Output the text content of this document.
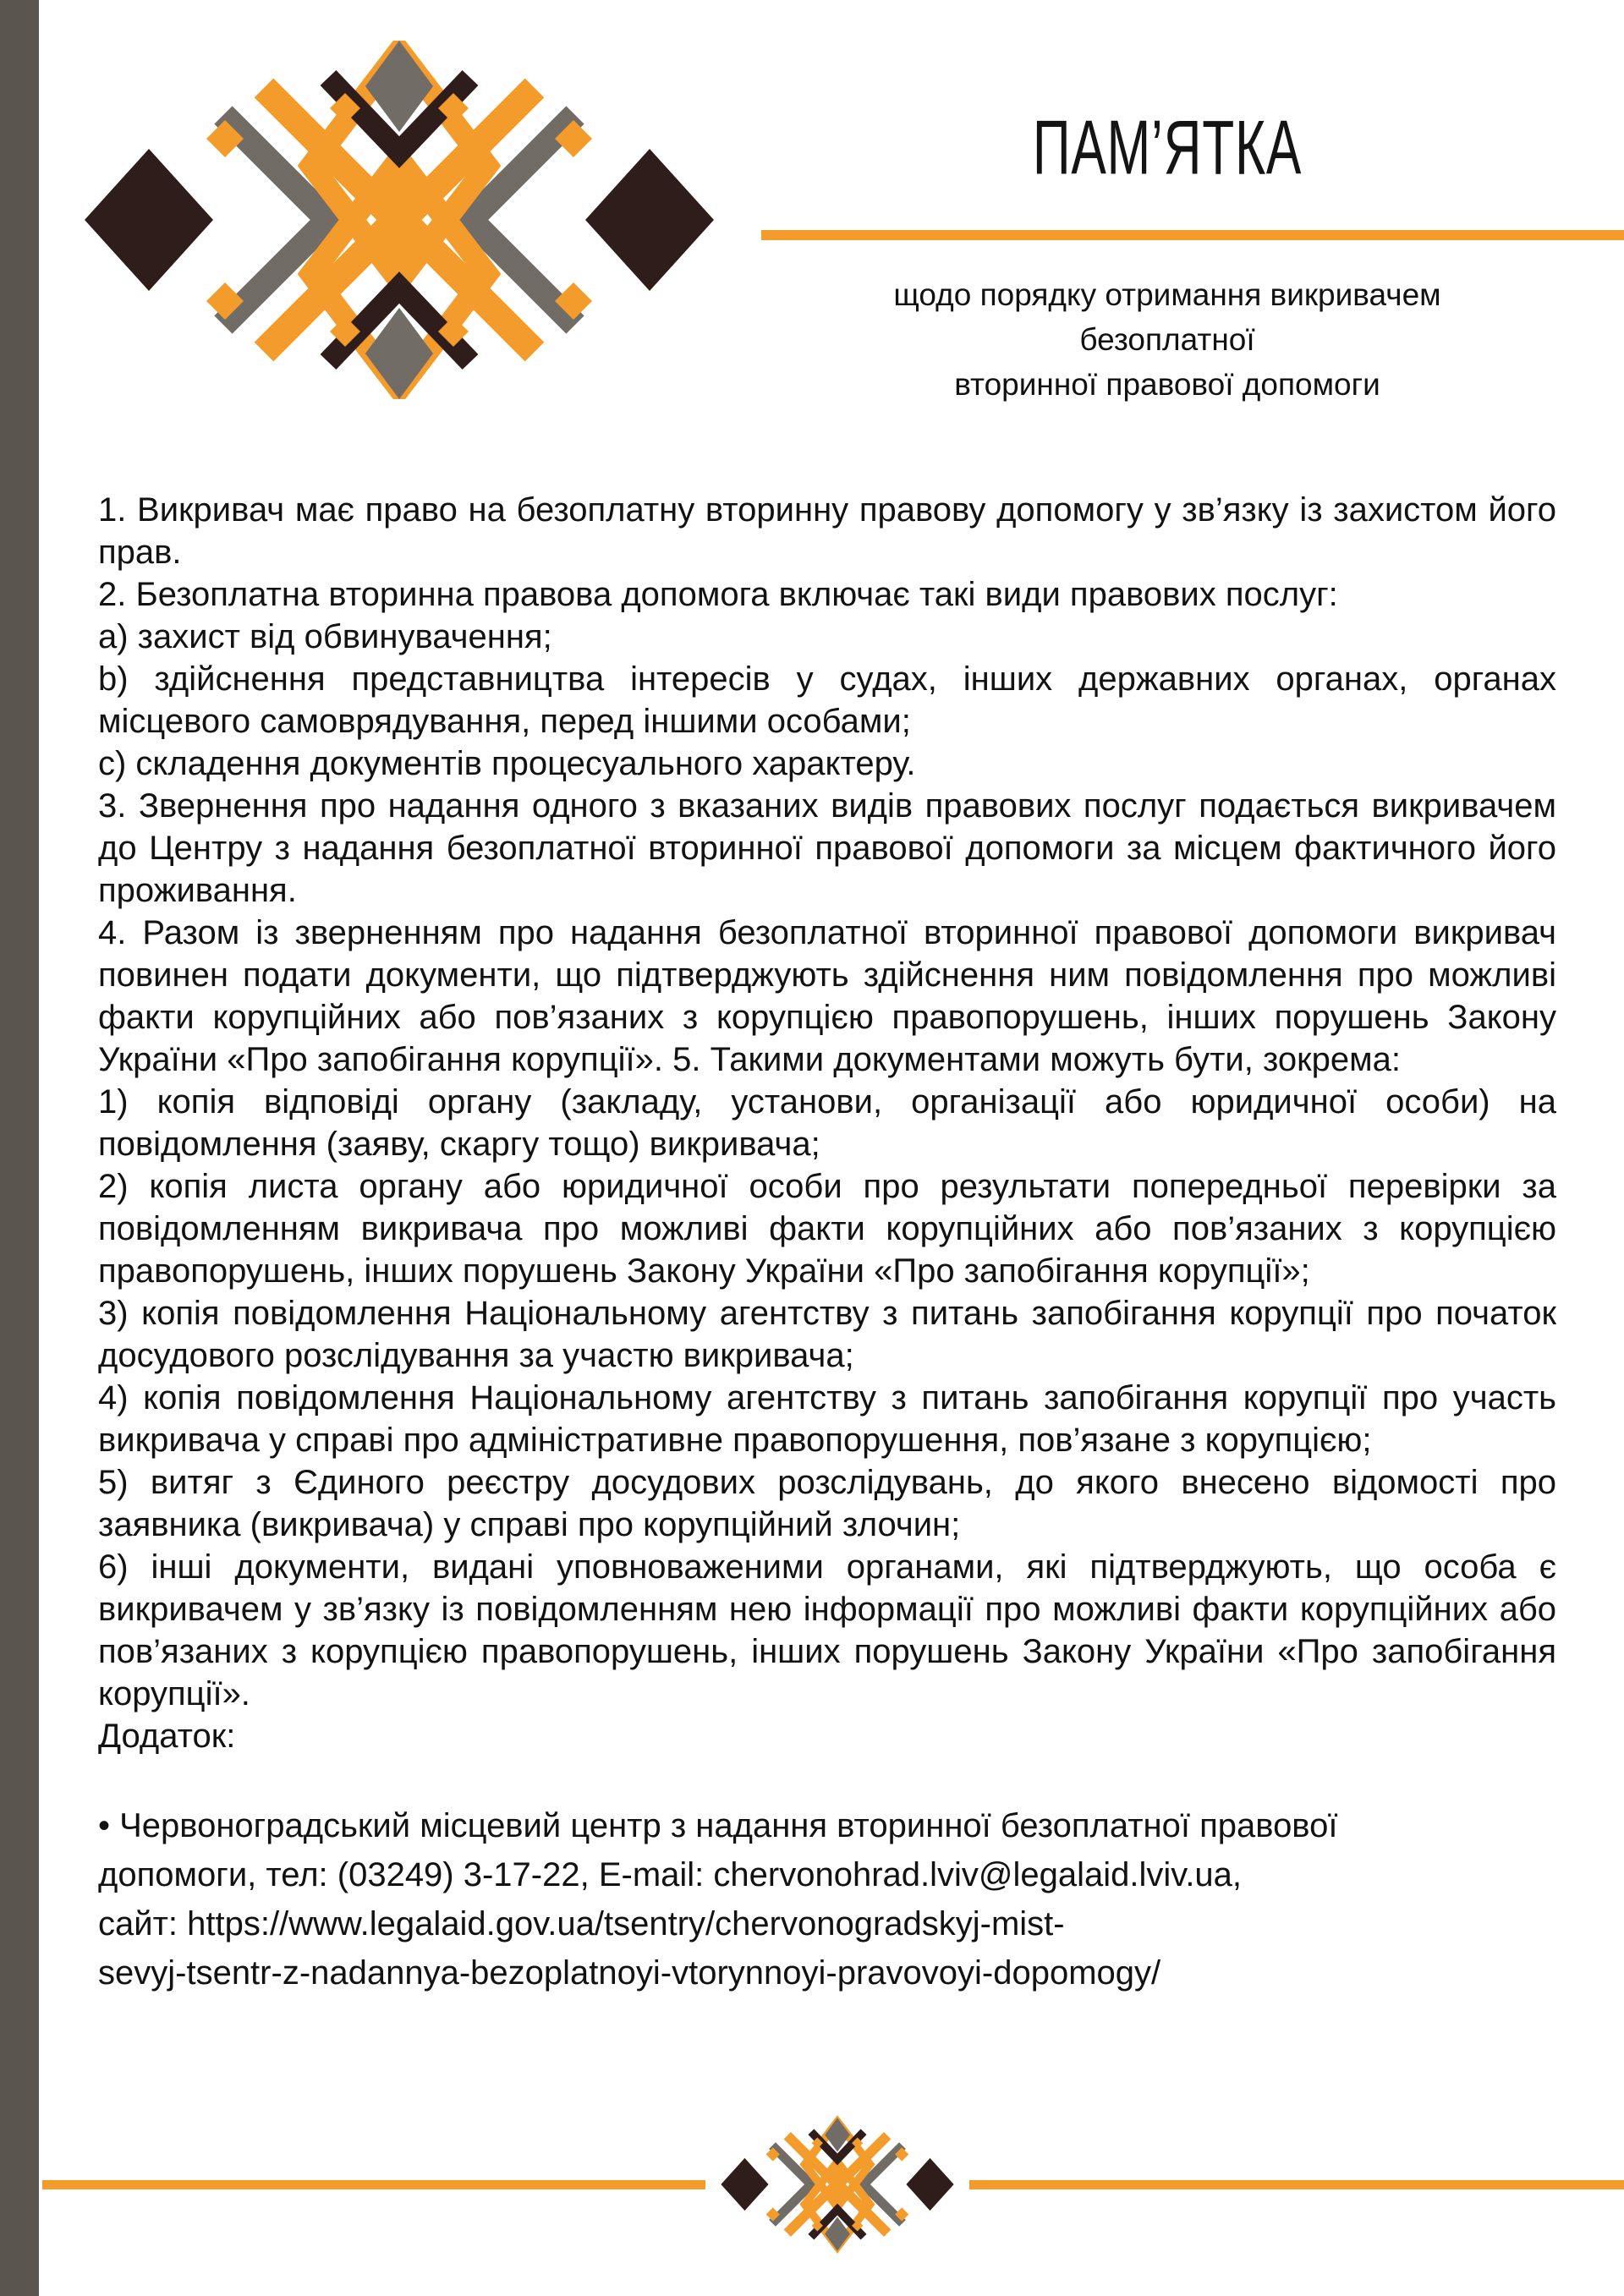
ПАМ’ЯТКА
щодо порядку отримання викривачем
безоплатної
вторинної правової допомоги

1. Викривач має право на безоплатну вторинну правову допомогу у зв’язку із захистом його прав.

2. Безоплатна вторинна правова допомога включає такі види правових послуг:

a) захист від обвинувачення;

b) здійснення представництва інтересів у судах, інших державних органах, органах місцевого самоврядування, перед іншими особами;

c) складення документів процесуального характеру.

3. Звернення про надання одного з вказаних видів правових послуг подається викривачем до Центру з надання безоплатної вторинної правової допомоги за місцем фактичного його проживання.

4. Разом із зверненням про надання безоплатної вторинної правової допомоги викривач повинен подати документи, що підтверджують здійснення ним повідомлення про можливі факти корупційних або пов’язаних з корупцією правопорушень, інших порушень Закону України «Про запобігання корупції». 5. Такими документами можуть бути, зокрема:

1) копія відповіді органу (закладу, установи, організації або юридичної особи) на повідомлення (заяву, скаргу тощо) викривача;

2) копія листа органу або юридичної особи про результати попередньої перевірки за повідомленням викривача про можливі факти корупційних або пов’язаних з корупцією правопорушень, інших порушень Закону України «Про запобігання корупції»;

3) копія повідомлення Національному агентству з питань запобігання корупції про початок досудового розслідування за участю викривача;

4) копія повідомлення Національному агентству з питань запобігання корупції про участь викривача у справі про адміністративне правопорушення, пов’язане з корупцією;

5) витяг з Єдиного реєстру досудових розслідувань, до якого внесено відомості про заявника (викривача) у справі про корупційний злочин;

6) інші документи, видані уповноваженими органами, які підтверджують, що особа є викривачем у зв’язку із повідомленням нею інформації про можливі факти корупційних або пов’язаних з корупцією правопорушень, інших порушень Закону України «Про запобігання корупції».

Додаток:

• Червоноградський місцевий центр з надання вторинної безоплатної правової
допомоги, тел: (03249) 3-17-22, E-mail: chervonohrad.lviv@legalaid.lviv.ua,
сайт: https://www.legalaid.gov.ua/tsentry/chervonogradskyj-mist-
sevyj-tsentr-z-nadannya-bezoplatnoyi-vtorynnoyi-pravovoyi-dopomogy/
